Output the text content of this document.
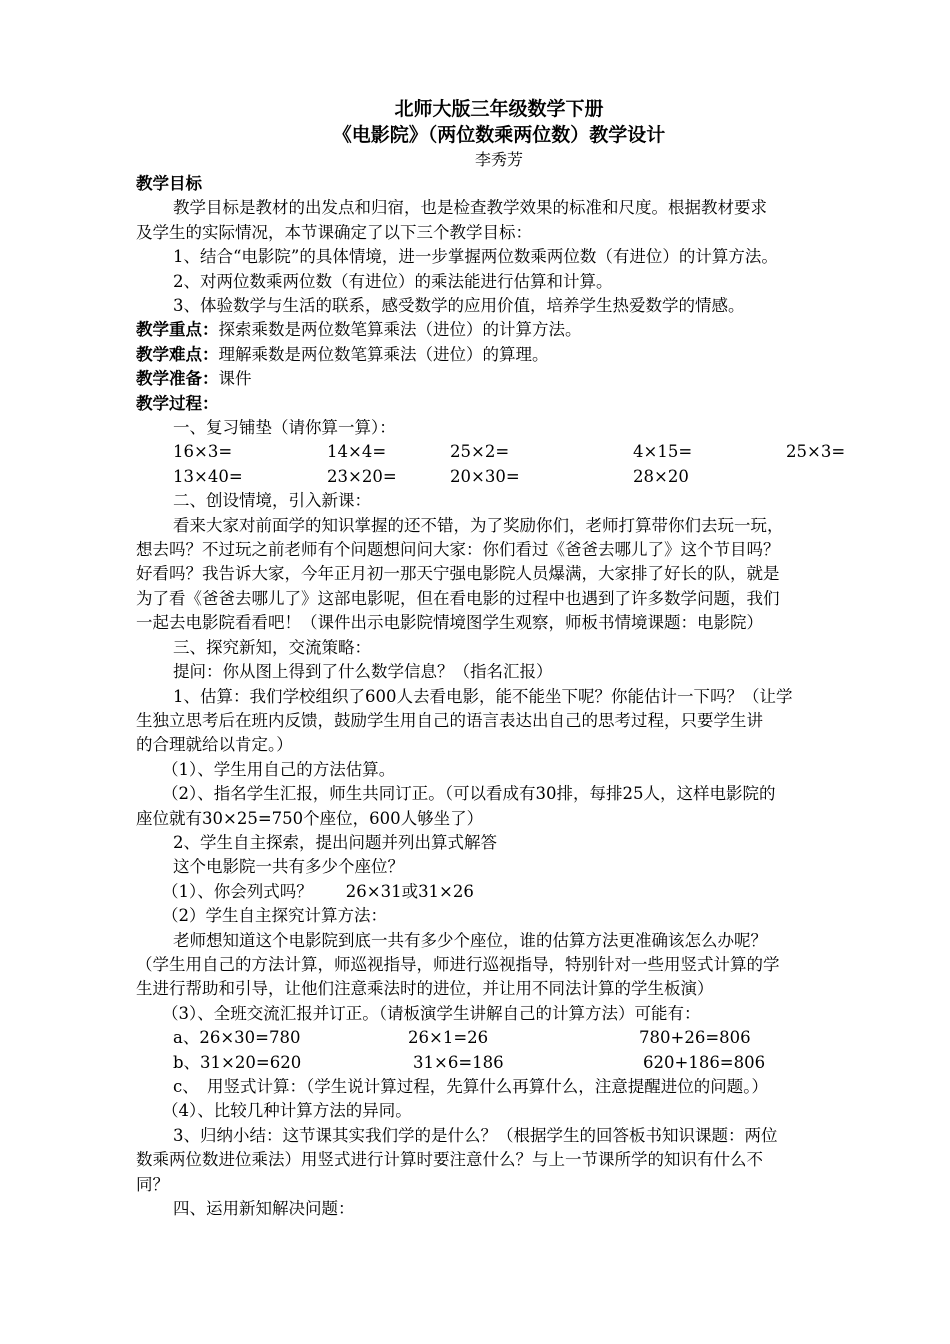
北师大版三年级数学下册
《电影院》（两位数乘两位数）教学设计
李秀芳
教学目标
教学目标是教材的出发点和归宿，也是检查教学效果的标准和尺度。根据教材要求
及学生的实际情况，本节课确定了以下三个教学目标：
1、结合“电影院”的具体情境，进一步掌握两位数乘两位数（有进位）的计算方法。
2、对两位数乘两位数（有进位）的乘法能进行估算和计算。
3、体验数学与生活的联系，感受数学的应用价值，培养学生热爱数学的情感。
教学重点：探索乘数是两位数笔算乘法（进位）的计算方法。
教学难点：理解乘数是两位数笔算乘法（进位）的算理。
教学准备：课件
教学过程：
一、复习铺垫（请你算一算）：
16×3=	14×4=	25×2=	4×15=	25×3=
13×40=	23×20=	20×30=	28×20
二、创设情境，引入新课：
看来大家对前面学的知识掌握的还不错，为了奖励你们，老师打算带你们去玩一玩，
想去吗？不过玩之前老师有个问题想问问大家：你们看过《爸爸去哪儿了》这个节目吗？
好看吗？我告诉大家，今年正月初一那天宁强电影院人员爆满，大家排了好长的队，就是
为了看《爸爸去哪儿了》这部电影呢，但在看电影的过程中也遇到了许多数学问题，我们
一起去电影院看看吧！（课件出示电影院情境图学生观察，师板书情境课题：电影院）
三、探究新知，交流策略：
提问：你从图上得到了什么数学信息？（指名汇报）
1、估算：我们学校组织了600人去看电影，能不能坐下呢？你能估计一下吗？（让学
生独立思考后在班内反馈，鼓励学生用自己的语言表达出自己的思考过程，只要学生讲
的合理就给以肯定。）
（1）、学生用自己的方法估算。
（2）、指名学生汇报，师生共同订正。（可以看成有30排，每排25人，这样电影院的
座位就有30×25=750个座位，600人够坐了）
2、学生自主探索，提出问题并列出算式解答
这个电影院一共有多少个座位？
（1）、你会列式吗？　　26×31或31×26
（2）学生自主探究计算方法：
老师想知道这个电影院到底一共有多少个座位，谁的估算方法更准确该怎么办呢？
（学生用自己的方法计算，师巡视指导，师进行巡视指导，特别针对一些用竖式计算的学
生进行帮助和引导，让他们注意乘法时的进位，并让用不同法计算的学生板演）
（3）、全班交流汇报并订正。（请板演学生讲解自己的计算方法）可能有：
a、26×30=780	26×1=26	780+26=806
b、31×20=620	31×6=186	620+186=806
c、　用竖式计算：（学生说计算过程，先算什么再算什么，注意提醒进位的问题。）
（4）、比较几种计算方法的异同。
3、归纳小结：这节课其实我们学的是什么？（根据学生的回答板书知识课题：两位
数乘两位数进位乘法）用竖式进行计算时要注意什么？与上一节课所学的知识有什么不
同？
四、运用新知解决问题：
